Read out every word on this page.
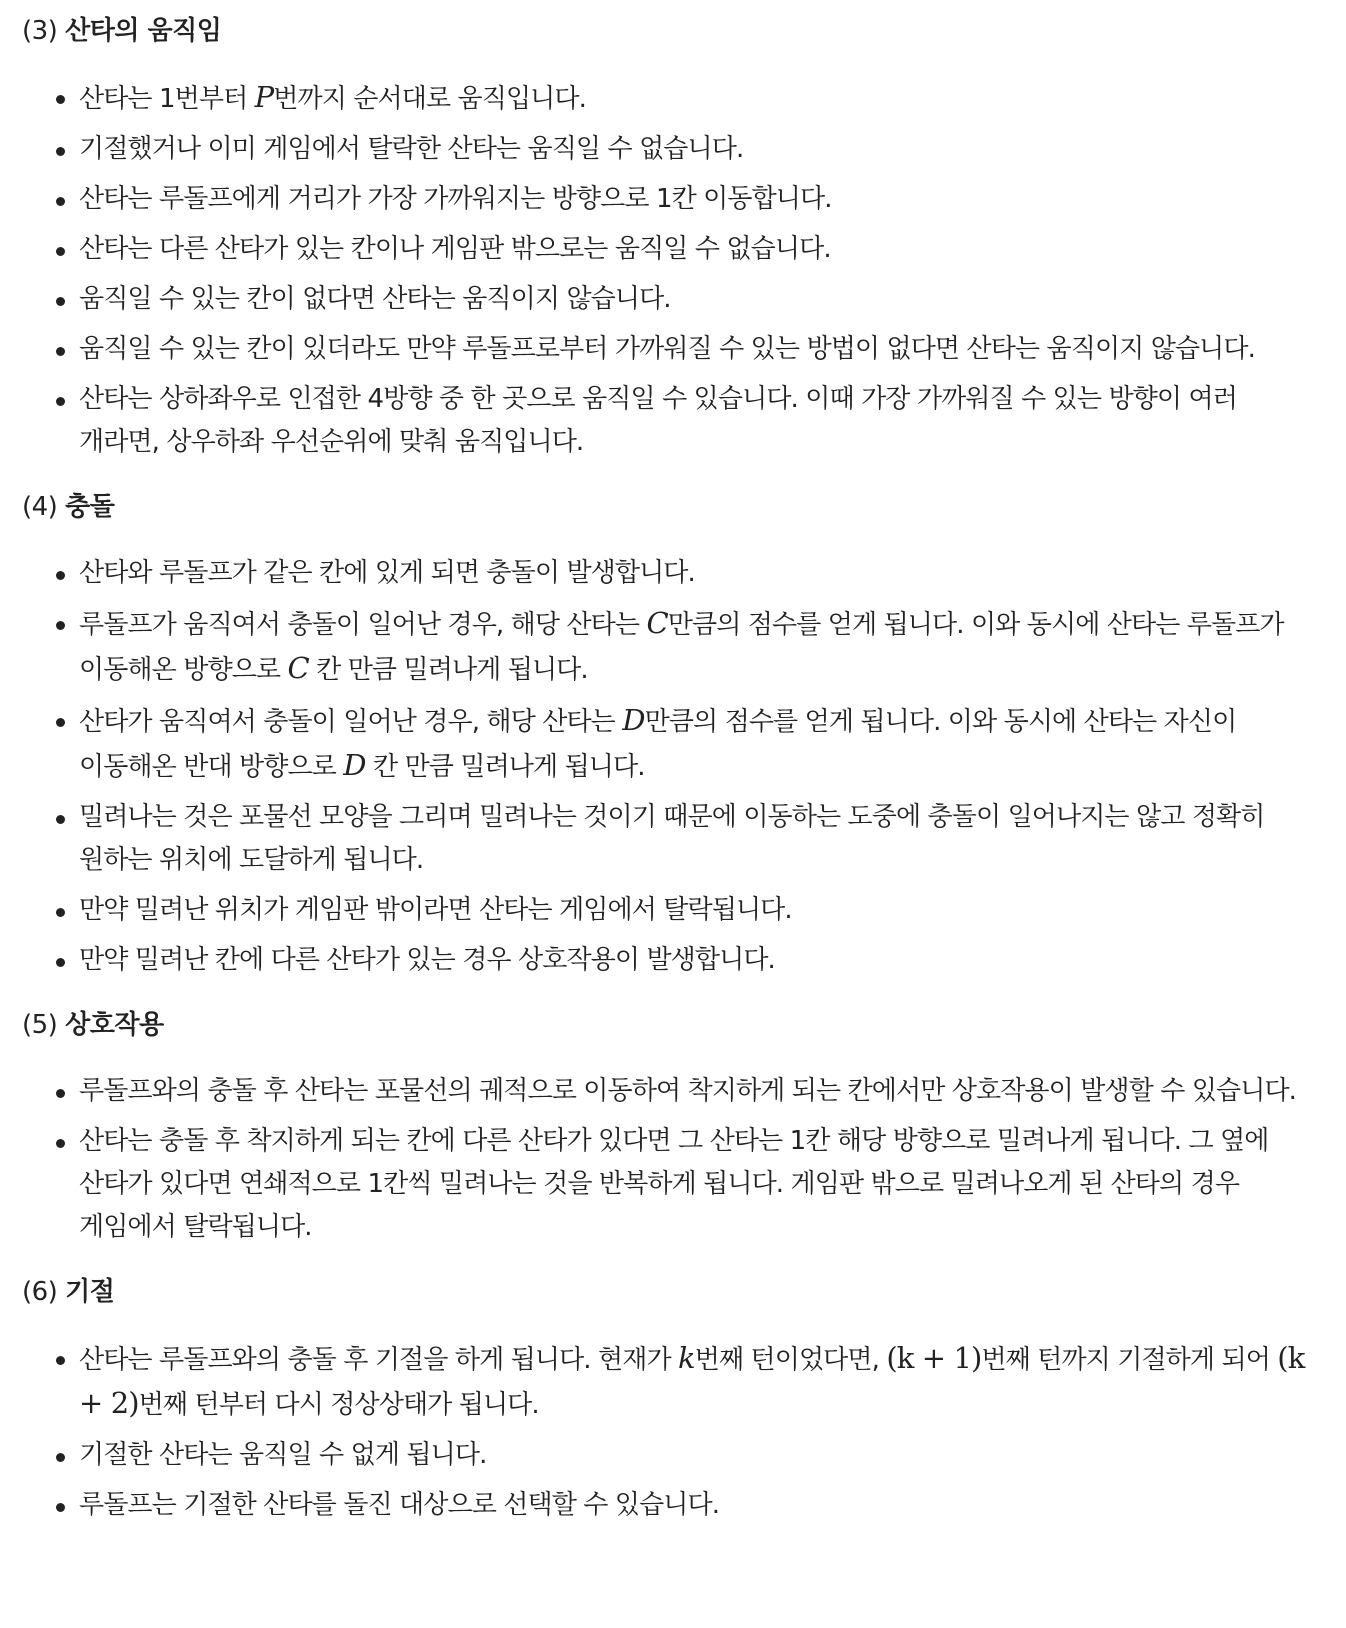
(3) 산타의 움직임
산타는 1번부터 P번까지 순서대로 움직입니다.
기절했거나 이미 게임에서 탈락한 산타는 움직일 수 없습니다.
산타는 루돌프에게 거리가 가장 가까워지는 방향으로 1칸 이동합니다.
산타는 다른 산타가 있는 칸이나 게임판 밖으로는 움직일 수 없습니다.
움직일 수 있는 칸이 없다면 산타는 움직이지 않습니다.
움직일 수 있는 칸이 있더라도 만약 루돌프로부터 가까워질 수 있는 방법이 없다면 산타는 움직이지 않습니다.
산타는 상하좌우로 인접한 4방향 중 한 곳으로 움직일 수 있습니다. 이때 가장 가까워질 수 있는 방향이 여러 개라면, 상우하좌 우선순위에 맞춰 움직입니다.
(4) 충돌
산타와 루돌프가 같은 칸에 있게 되면 충돌이 발생합니다.
루돌프가 움직여서 충돌이 일어난 경우, 해당 산타는 C만큼의 점수를 얻게 됩니다. 이와 동시에 산타는 루돌프가 이동해온 방향으로 C 칸 만큼 밀려나게 됩니다.
산타가 움직여서 충돌이 일어난 경우, 해당 산타는 D만큼의 점수를 얻게 됩니다. 이와 동시에 산타는 자신이 이동해온 반대 방향으로 D 칸 만큼 밀려나게 됩니다.
밀려나는 것은 포물선 모양을 그리며 밀려나는 것이기 때문에 이동하는 도중에 충돌이 일어나지는 않고 정확히 원하는 위치에 도달하게 됩니다.
만약 밀려난 위치가 게임판 밖이라면 산타는 게임에서 탈락됩니다.
만약 밀려난 칸에 다른 산타가 있는 경우 상호작용이 발생합니다.
(5) 상호작용
루돌프와의 충돌 후 산타는 포물선의 궤적으로 이동하여 착지하게 되는 칸에서만 상호작용이 발생할 수 있습니다.
산타는 충돌 후 착지하게 되는 칸에 다른 산타가 있다면 그 산타는 1칸 해당 방향으로 밀려나게 됩니다. 그 옆에 산타가 있다면 연쇄적으로 1칸씩 밀려나는 것을 반복하게 됩니다. 게임판 밖으로 밀려나오게 된 산타의 경우 게임에서 탈락됩니다.
(6) 기절
산타는 루돌프와의 충돌 후 기절을 하게 됩니다. 현재가 k번째 턴이었다면, (k + 1)번째 턴까지 기절하게 되어 (k + 2)번째 턴부터 다시 정상상태가 됩니다.
기절한 산타는 움직일 수 없게 됩니다.
루돌프는 기절한 산타를 돌진 대상으로 선택할 수 있습니다.
